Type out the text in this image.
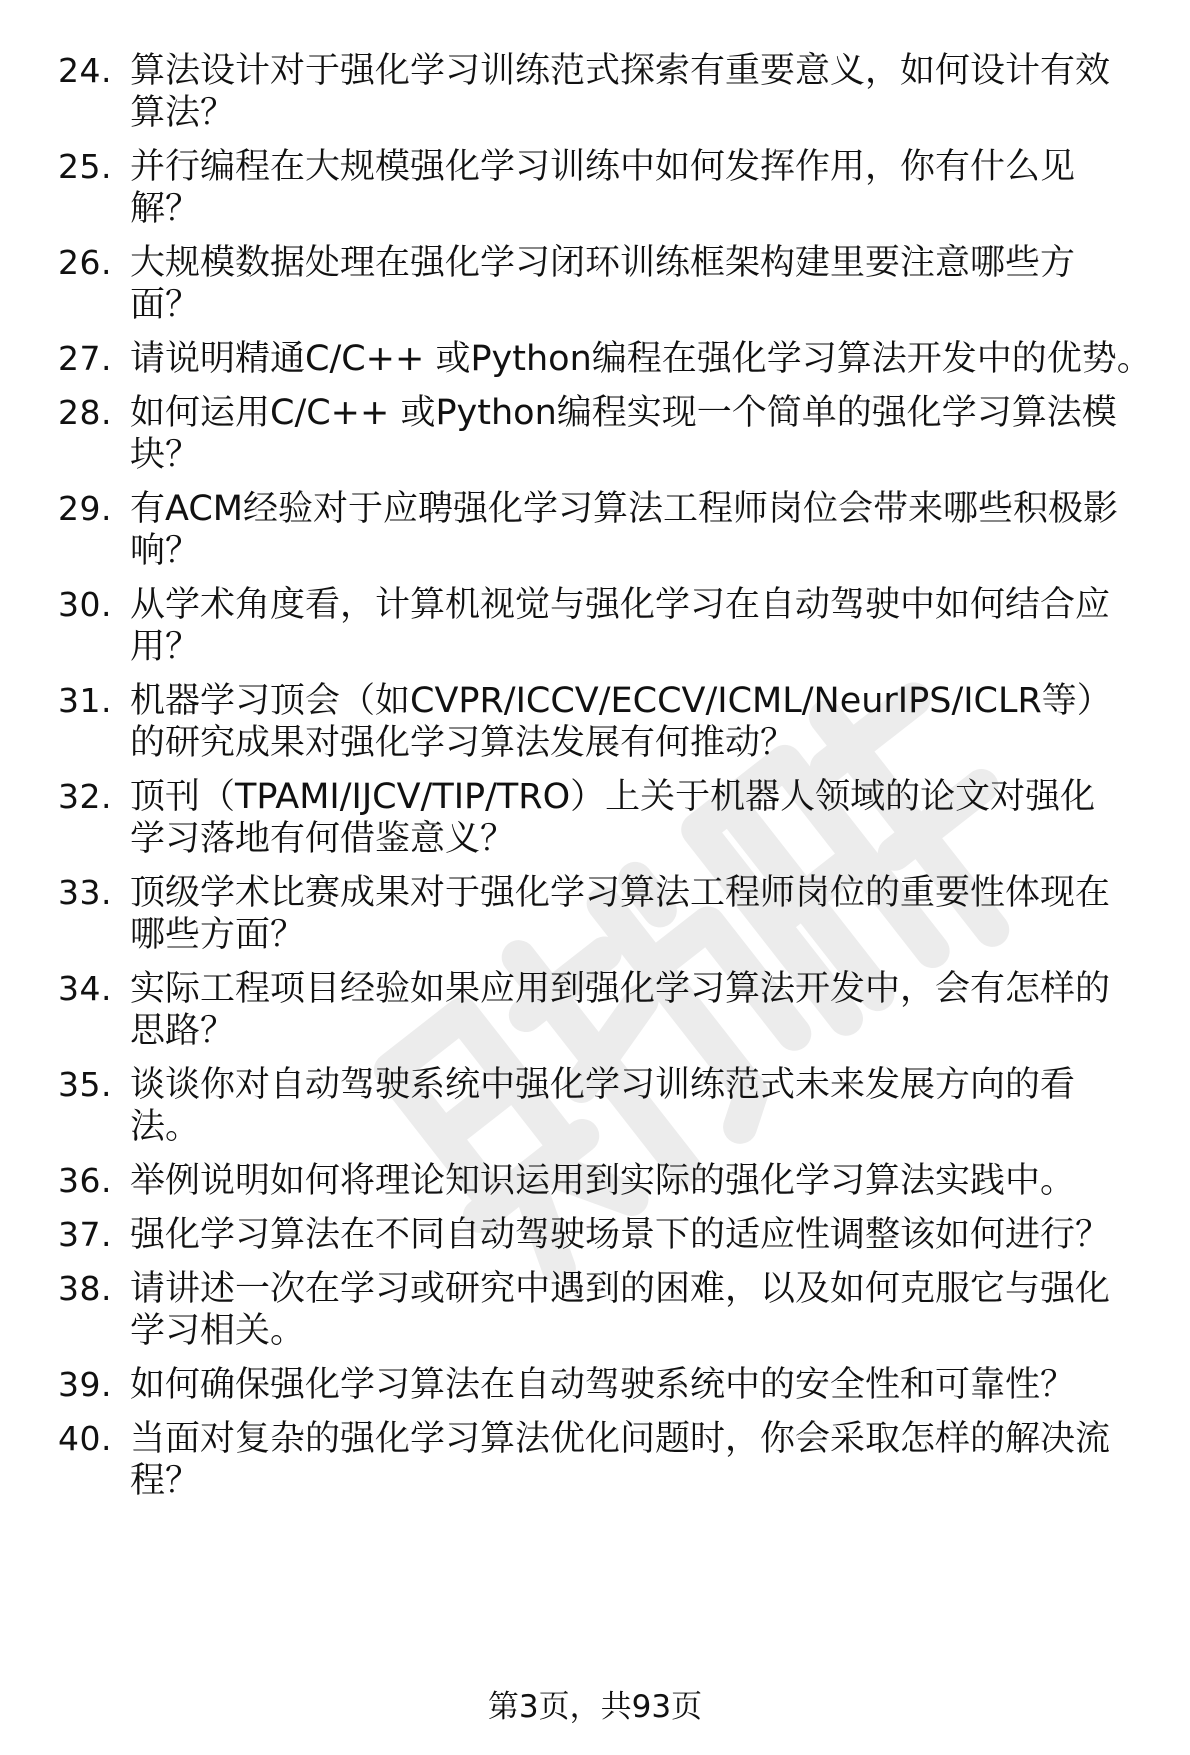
24. 算法设计对于强化学习训练范式探索有重要意义，如何设计有效
算法？
25. 并行编程在大规模强化学习训练中如何发挥作用，你有什么见
解？
26. 大规模数据处理在强化学习闭环训练框架构建里要注意哪些方
面？
27. 请说明精通C/C++ 或Python编程在强化学习算法开发中的优势。
28. 如何运用C/C++ 或Python编程实现一个简单的强化学习算法模
块？
29. 有ACM经验对于应聘强化学习算法工程师岗位会带来哪些积极影
响？
30. 从学术角度看，计算机视觉与强化学习在自动驾驶中如何结合应
用？
31. 机器学习顶会（如CVPR/ICCV/ECCV/ICML/NeurIPS/ICLR等）
的研究成果对强化学习算法发展有何推动？
32. 顶刊（TPAMI/IJCV/TIP/TRO）上关于机器人领域的论文对强化
学习落地有何借鉴意义？
33. 顶级学术比赛成果对于强化学习算法工程师岗位的重要性体现在
哪些方面？
34. 实际工程项目经验如果应用到强化学习算法开发中，会有怎样的
思路？
35. 谈谈你对自动驾驶系统中强化学习训练范式未来发展方向的看
法。
36. 举例说明如何将理论知识运用到实际的强化学习算法实践中。
37. 强化学习算法在不同自动驾驶场景下的适应性调整该如何进行？
38. 请讲述一次在学习或研究中遇到的困难，以及如何克服它与强化
学习相关。
39. 如何确保强化学习算法在自动驾驶系统中的安全性和可靠性？
40. 当面对复杂的强化学习算法优化问题时，你会采取怎样的解决流
程？
第3页，共93页
